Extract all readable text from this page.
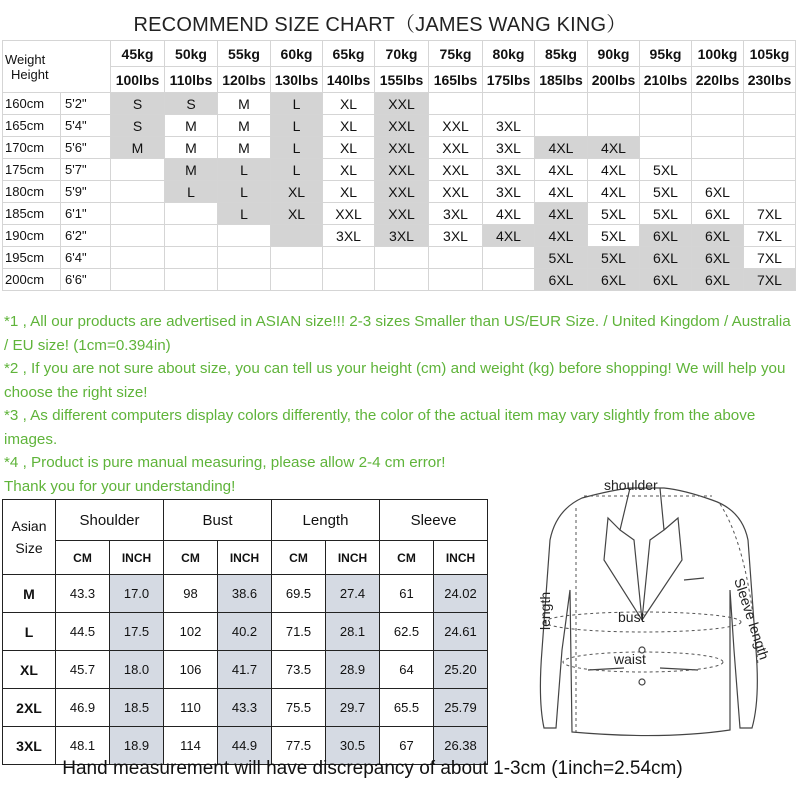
RECOMMEND SIZE CHART（JAMES WANG KING）
Weight
Height		45kg	50kg	55kg	60kg	65kg	70kg	75kg	80kg	85kg	90kg	95kg	100kg	105kg
		100lbs	110lbs	120lbs	130lbs	140lbs	155lbs	165lbs	175lbs	185lbs	200lbs	210lbs	220lbs	230lbs
160cm	5'2"	S	S	M	L	XL	XXL							
165cm	5'4"	S	M	M	L	XL	XXL	XXL	3XL					
170cm	5'6"	M	M	M	L	XL	XXL	XXL	3XL	4XL	4XL			
175cm	5'7"		M	L	L	XL	XXL	XXL	3XL	4XL	4XL	5XL		
180cm	5'9"		L	L	XL	XL	XXL	XXL	3XL	4XL	4XL	5XL	6XL	
185cm	6'1"			L	XL	XXL	XXL	3XL	4XL	4XL	5XL	5XL	6XL	7XL
190cm	6'2"					3XL	3XL	3XL	4XL	4XL	5XL	6XL	6XL	7XL
195cm	6'4"									5XL	5XL	6XL	6XL	7XL
200cm	6'6"									6XL	6XL	6XL	6XL	7XL

*1 , All our products are advertised in ASIAN size!!! 2-3 sizes Smaller than US/EUR Size. / United Kingdom / Australia / EU size! (1cm=0.394in)

*2 , If you are not sure about size, you can tell us your height (cm) and weight (kg) before shopping! We will help you choose the right size!

*3 , As different computers display colors differently, the color of the actual item may vary slightly from the above images.

*4 , Product is pure manual measuring, please allow 2-4 cm error!

Thank you for your understanding!

Asian
Size	Shoulder		Bust		Length		Sleeve	
	CM	INCH	CM	INCH	CM	INCH	CM	INCH
M	43.3	17.0	98	38.6	69.5	27.4	61	24.02
L	44.5	17.5	102	40.2	71.5	28.1	62.5	24.61
XL	45.7	18.0	106	41.7	73.5	28.9	64	25.20
2XL	46.9	18.5	110	43.3	75.5	29.7	65.5	25.79
3XL	48.1	18.9	114	44.9	77.5	30.5	67	26.38
shoulder
length	bust
waist	Sleeve length
Hand measurement will have discrepancy of about 1-3cm (1inch=2.54cm)
